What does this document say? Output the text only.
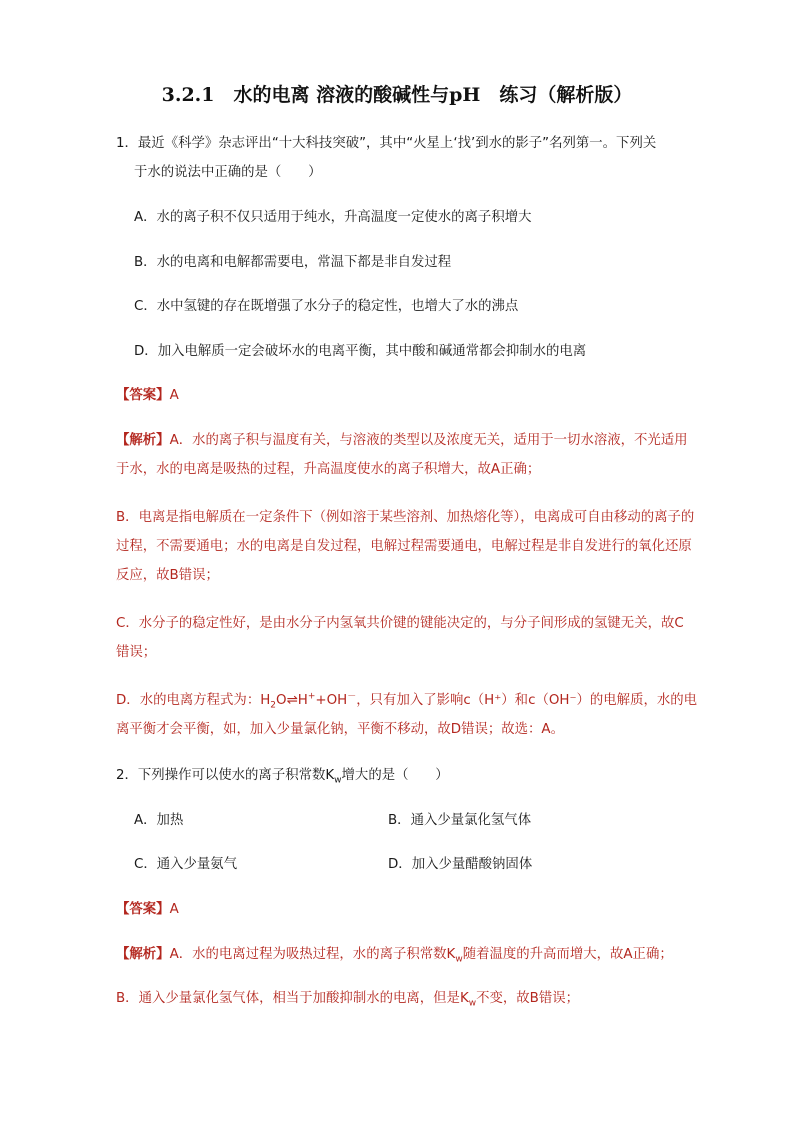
3.2.1　水的电离 溶液的酸碱性与pH　练习（解析版）
1．最近《科学》杂志评出“十大科技突破”，其中“火星上‘找’到水的影子”名列第一。下列关
于水的说法中正确的是（　　）
A．水的离子积不仅只适用于纯水，升高温度一定使水的离子积增大
B．水的电离和电解都需要电，常温下都是非自发过程
C．水中氢键的存在既增强了水分子的稳定性，也增大了水的沸点
D．加入电解质一定会破坏水的电离平衡，其中酸和碱通常都会抑制水的电离
【答案】A
【解析】A．水的离子积与温度有关，与溶液的类型以及浓度无关，适用于一切水溶液，不光适用
于水，水的电离是吸热的过程，升高温度使水的离子积增大，故A正确；
B．电离是指电解质在一定条件下（例如溶于某些溶剂、加热熔化等），电离成可自由移动的离子的
过程，不需要通电；水的电离是自发过程，电解过程需要通电，电解过程是非自发进行的氧化还原
反应，故B错误；
C．水分子的稳定性好，是由水分子内氢氧共价键的键能决定的，与分子间形成的氢键无关，故C
错误；
D．水的电离方程式为：$H_2O\rightleftharpoons H^++OH^-$，只有加入了影响c（H⁺）和c（OH⁻）的电解质，水的电
离平衡才会平衡，如，加入少量氯化钠，平衡不移动，故D错误；故选：A。
2．下列操作可以使水的离子积常数$K_w$增大的是（　　）
A．加热	B．通入少量氯化氢气体
C．通入少量氨气	D．加入少量醋酸钠固体
【答案】A
【解析】A．水的电离过程为吸热过程，水的离子积常数$K_w$随着温度的升高而增大，故A正确；
B．通入少量氯化氢气体，相当于加酸抑制水的电离，但是$K_w$不变，故B错误；
